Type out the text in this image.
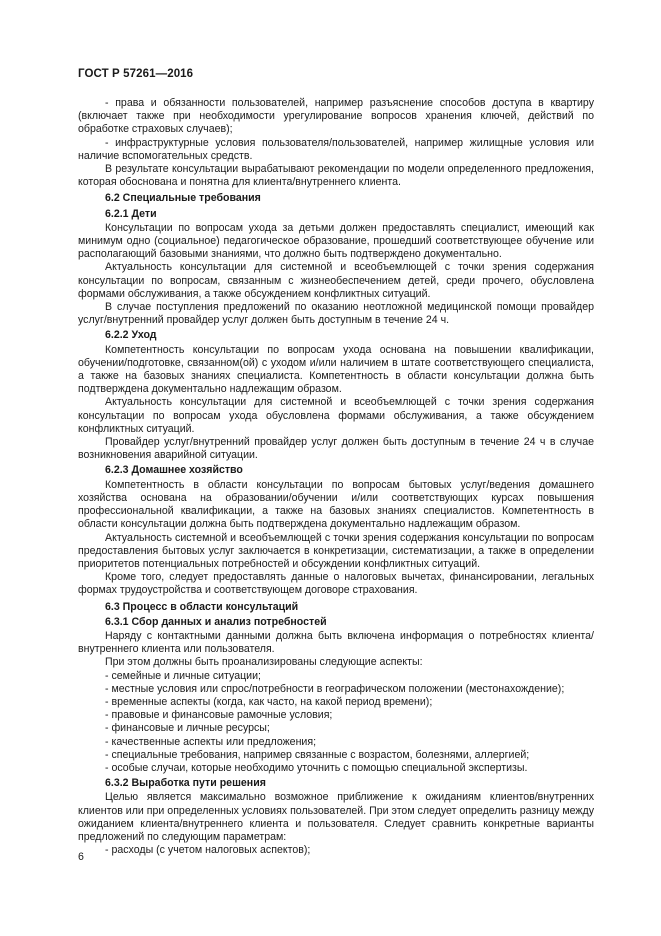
ГОСТ Р 57261—2016

- права и обязанности пользователей, например разъяснение способов доступа в квартиру (включает также при необходимости урегулирование вопросов хранения ключей, действий по обработке страховых случаев);

- инфраструктурные условия пользователя/пользователей, например жилищные условия или наличие вспомогательных средств.

В результате консультации вырабатывают рекомендации по модели определенного предложения, которая обоснована и понятна для клиента/внутреннего клиента.

6.2 Специальные требования
6.2.1 Дети

Консультации по вопросам ухода за детьми должен предоставлять специалист, имеющий как минимум одно (социальное) педагогическое образование, прошедший соответствующее обучение или располагающий базовыми знаниями, что должно быть подтверждено документально.

Актуальность консультации для системной и всеобъемлющей с точки зрения содержания консультации по вопросам, связанным с жизнеобеспечением детей, среди прочего, обусловлена формами обслуживания, а также обсуждением конфликтных ситуаций.

В случае поступления предложений по оказанию неотложной медицинской помощи провайдер услуг/внутренний провайдер услуг должен быть доступным в течение 24 ч.

6.2.2 Уход

Компетентность консультации по вопросам ухода основана на повышении квалификации, обучении/подготовке, связанном(ой) с уходом и/или наличием в штате соответствующего специалиста, а также на базовых знаниях специалиста. Компетентность в области консультации должна быть подтверждена документально надлежащим образом.

Актуальность консультации для системной и всеобъемлющей с точки зрения содержания консультации по вопросам ухода обусловлена формами обслуживания, а также обсуждением конфликтных ситуаций.

Провайдер услуг/внутренний провайдер услуг должен быть доступным в течение 24 ч в случае возникновения аварийной ситуации.

6.2.3 Домашнее хозяйство

Компетентность в области консультации по вопросам бытовых услуг/ведения домашнего хозяйства основана на образовании/обучении и/или соответствующих курсах повышения профессиональной квалификации, а также на базовых знаниях специалистов. Компетентность в области консультации должна быть подтверждена документально надлежащим образом.

Актуальность системной и всеобъемлющей с точки зрения содержания консультации по вопросам предоставления бытовых услуг заключается в конкретизации, систематизации, а также в определении приоритетов потенциальных потребностей и обсуждении конфликтных ситуаций.

Кроме того, следует предоставлять данные о налоговых вычетах, финансировании, легальных формах трудоустройства и соответствующем договоре страхования.

6.3 Процесс в области консультаций
6.3.1 Сбор данных и анализ потребностей

Наряду с контактными данными должна быть включена информация о потребностях клиента/внутреннего клиента или пользователя.

При этом должны быть проанализированы следующие аспекты:

- семейные и личные ситуации;

- местные условия или спрос/потребности в географическом положении (местонахождение);

- временные аспекты (когда, как часто, на какой период времени);

- правовые и финансовые рамочные условия;

- финансовые и личные ресурсы;

- качественные аспекты или предложения;

- специальные требования, например связанные с возрастом, болезнями, аллергией;

- особые случаи, которые необходимо уточнить с помощью специальной экспертизы.

6.3.2 Выработка пути решения

Целью является максимально возможное приближение к ожиданиям клиентов/внутренних клиентов или при определенных условиях пользователей. При этом следует определить разницу между ожиданием клиента/внутреннего клиента и пользователя. Следует сравнить конкретные варианты предложений по следующим параметрам:

- расходы (с учетом налоговых аспектов);

6
